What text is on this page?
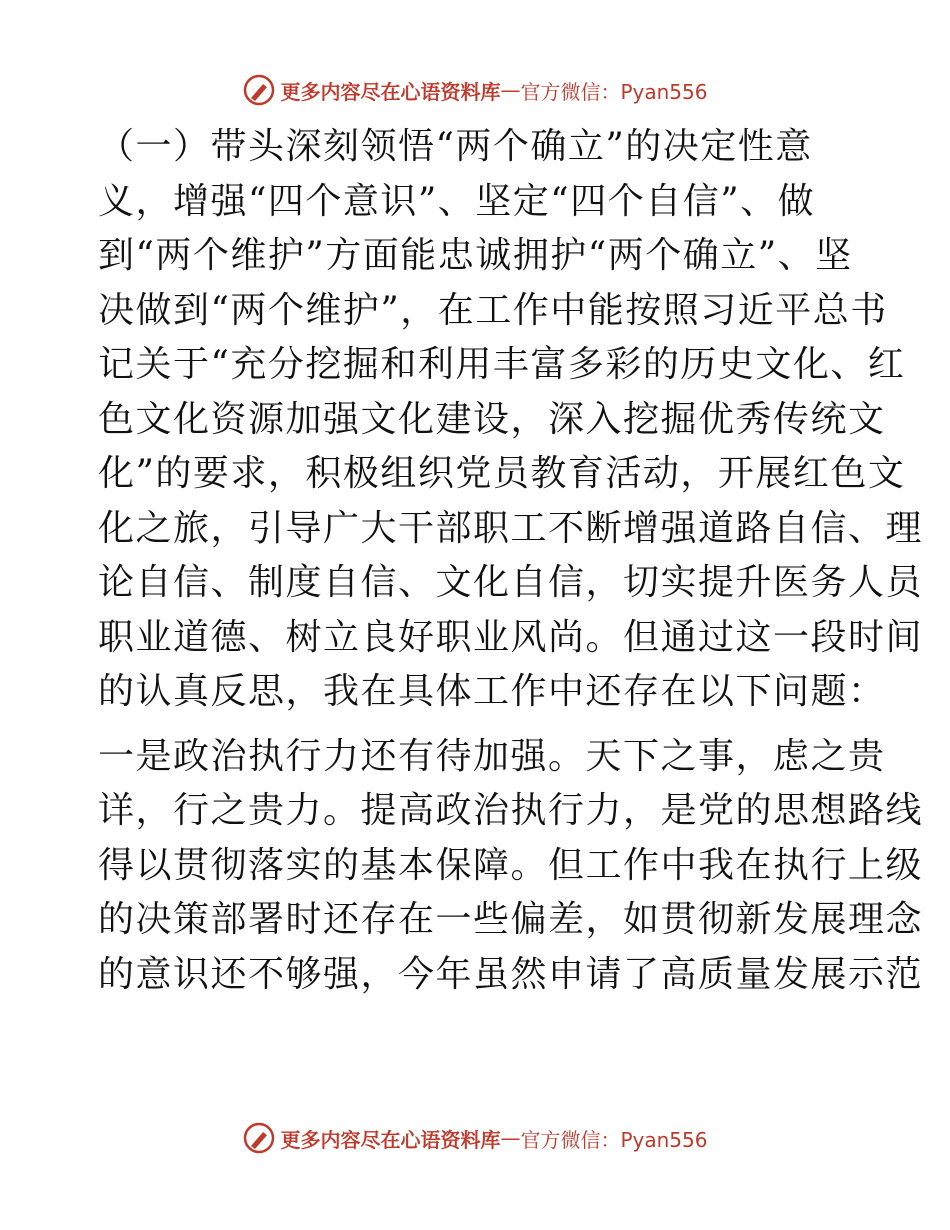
更多内容尽在心语资料库 — 官方微信：Pyan556
（一）带头深刻领悟“两个确立”的决定性意
义，增强“四个意识”、坚定“四个自信”、做
到“两个维护”方面能忠诚拥护“两个确立”、坚
决做到“两个维护”，在工作中能按照习近平总书
记关于“充分挖掘和利用丰富多彩的历史文化、红
色文化资源加强文化建设，深入挖掘优秀传统文
化”的要求，积极组织党员教育活动，开展红色文
化之旅，引导广大干部职工不断增强道路自信、理
论自信、制度自信、文化自信，切实提升医务人员
职业道德、树立良好职业风尚。但通过这一段时间
的认真反思，我在具体工作中还存在以下问题：
一是政治执行力还有待加强。天下之事，虑之贵
详，行之贵力。提高政治执行力，是党的思想路线
得以贯彻落实的基本保障。但工作中我在执行上级
的决策部署时还存在一些偏差，如贯彻新发展理念
的意识还不够强，今年虽然申请了高质量发展示范
更多内容尽在心语资料库 — 官方微信：Pyan556
